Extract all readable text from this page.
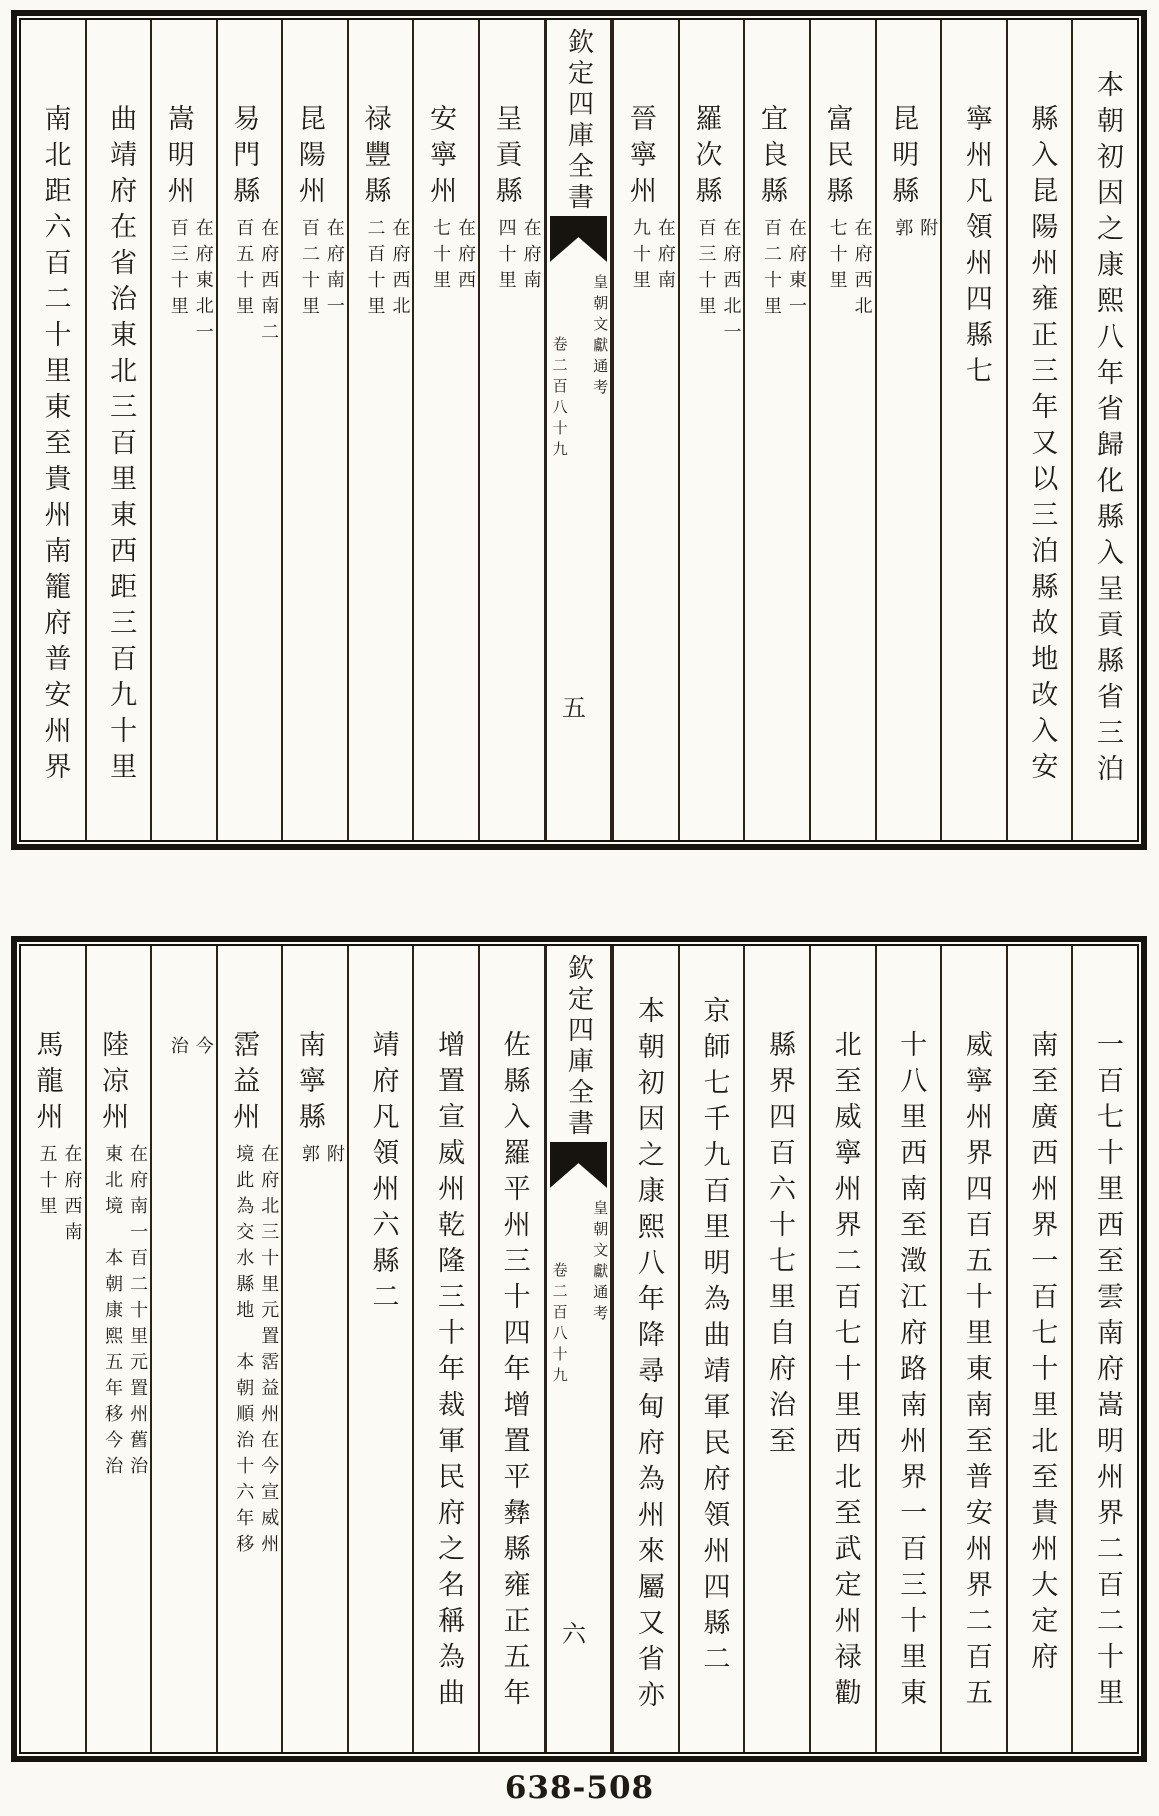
本朝初因之康熙八年省歸化縣入呈貢縣省三泊
縣入昆陽州雍正三年又以三泊縣故地改入安
寧州凡領州四縣七
昆明縣
附
郭
富民縣
在府西北
七十里
宜良縣
在府東一
百二十里
羅次縣
在府西北一
百三十里
晉寧州
在府南
九十里
欽定四庫全書
皇朝文獻通考
卷二百八十九
五
呈貢縣
在府南
四十里
安寧州
在府西
七十里
禄豐縣
在府西北
二百十里
昆陽州
在府南一
百二十里
易門縣
在府西南二
百五十里
嵩明州
在府東北一
百三十里
曲靖府在省治東北三百里東西距三百九十里
南北距六百二十里東至貴州南籠府普安州界
一百七十里西至雲南府嵩明州界二百二十里
南至廣西州界一百七十里北至貴州大定府
威寧州界四百五十里東南至普安州界二百五
十八里西南至澂江府路南州界一百三十里東
北至威寧州界二百七十里西北至武定州禄勸
縣界四百六十七里自府治至
京師七千九百里明為曲靖軍民府領州四縣二
本朝初因之康熙八年降尋甸府為州來屬又省亦
欽定四庫全書
皇朝文獻通考
卷二百八十九
六
佐縣入羅平州三十四年增置平彝縣雍正五年
增置宣威州乾隆三十年裁軍民府之名稱為曲
靖府凡領州六縣二
南寧縣
附
郭
霑益州
在府北三十里元置霑益州在今宣威州
境此為交水縣地　本朝順治十六年移
今
治
陸凉州
在府南一百二十里元置州舊治
東北境　本朝康熙五年移今治
馬龍州
在府西南
五十里
638-508
